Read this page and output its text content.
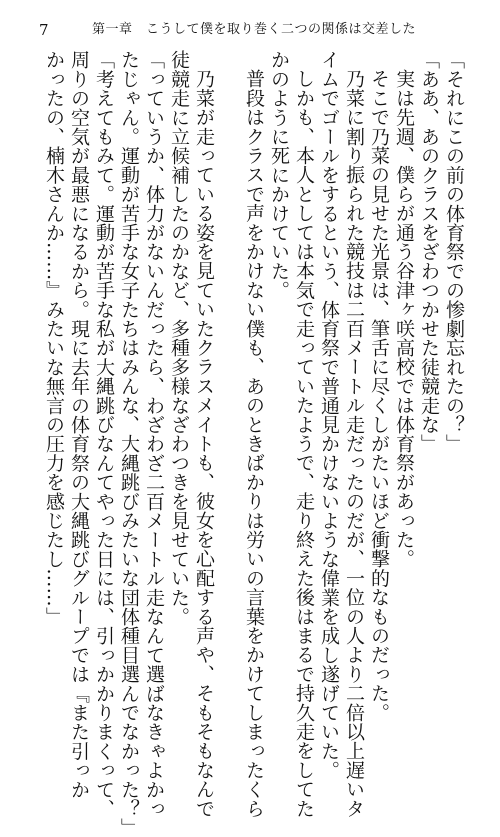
7	第一章　こうして僕を取り巻く二つの関係は交差した
「それにこの前の体育祭での惨劇忘れたの？」
「ああ、あのクラスをざわつかせた徒競走な」
実は先週、僕らが通う谷津ヶ咲高校では体育祭があった。
そこで乃菜の見せた光景は、筆舌に尽くしがたいほど衝撃的なものだった。
乃菜に割り振られた競技は二百メートル走だったのだが、一位の人より二倍以上遅いタ
イムでゴールをするという、体育祭で普通見かけないような偉業を成し遂げていた。
しかも、本人としては本気で走っていたようで、走り終えた後はまるで持久走をしてた
かのように死にかけていた。
普段はクラスで声をかけない僕も、あのときばかりは労いの言葉をかけてしまったくら
乃菜が走っている姿を見ていたクラスメイトも、彼女を心配する声や、そもそもなんで
徒競走に立候補したのかなど、多種多様なざわつきを見せていた。
「っていうか、体力がないんだったら、わざわざ二百メートル走なんて選ばなきゃよかっ
たじゃん。運動が苦手な女子たちはみんな、大縄跳びみたいな団体種目選んでなかった？」
「考えてもみて。運動が苦手な私が大縄跳びなんてやった日には、引っかかりまくって、
周りの空気が最悪になるから。現に去年の体育祭の大縄跳びグループでは『また引っか
かったの、楠木さんか……』みたいな無言の圧力を感じたし……」
